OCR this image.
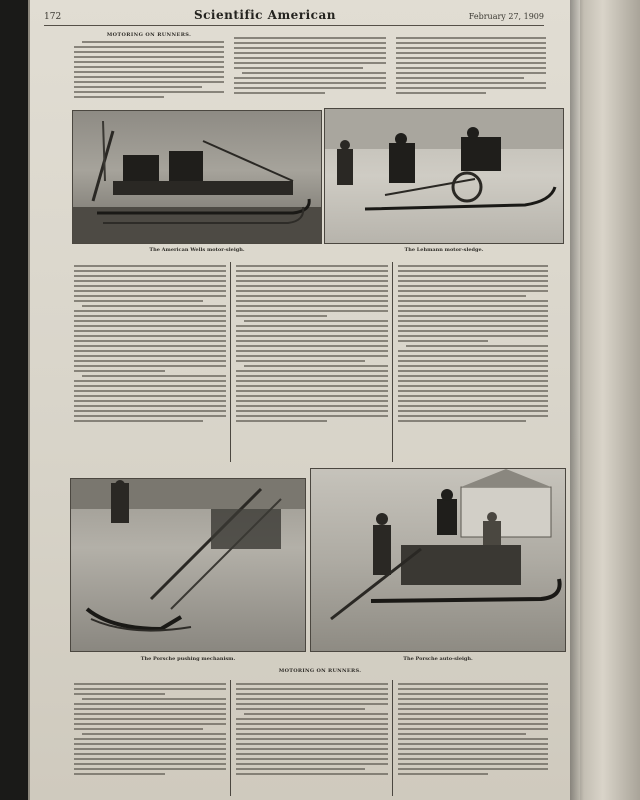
172	Scientific American	February 27, 1909
MOTORING ON RUNNERS.
The American Wells motor-sleigh.	The Lehmann motor-sledge.
The Porsche pushing mechanism.	The Porsche auto-sleigh.
MOTORING ON RUNNERS.
